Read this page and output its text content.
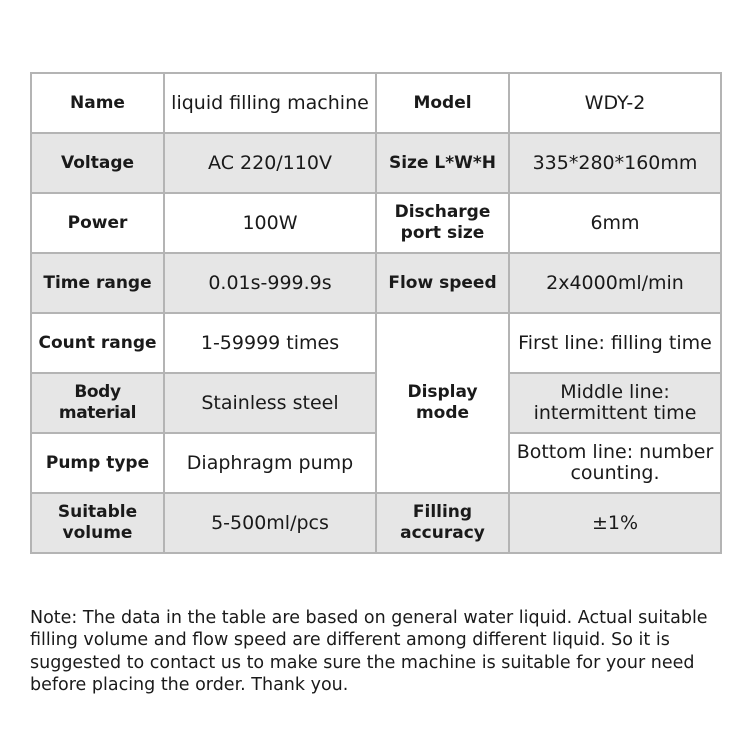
Name	liquid filling machine	Model	WDY-2
Voltage	AC 220/110V	Size L*W*H	335*280*160mm
Power	100W	Discharge port size	6mm
Time range	0.01s-999.9s	Flow speed	2x4000ml/min
Count range	1-59999 times	Display mode	First line: filling time
Body material	Stainless steel		Middle line: intermittent time
Pump type	Diaphragm pump		Bottom line: number counting.
Suitable volume	5-500ml/pcs	Filling accuracy	±1%

Note: The data in the table are based on general water liquid. Actual suitable filling volume and flow speed are different among different liquid. So it is suggested to contact us to make sure the machine is suitable for your need before placing the order. Thank you.
